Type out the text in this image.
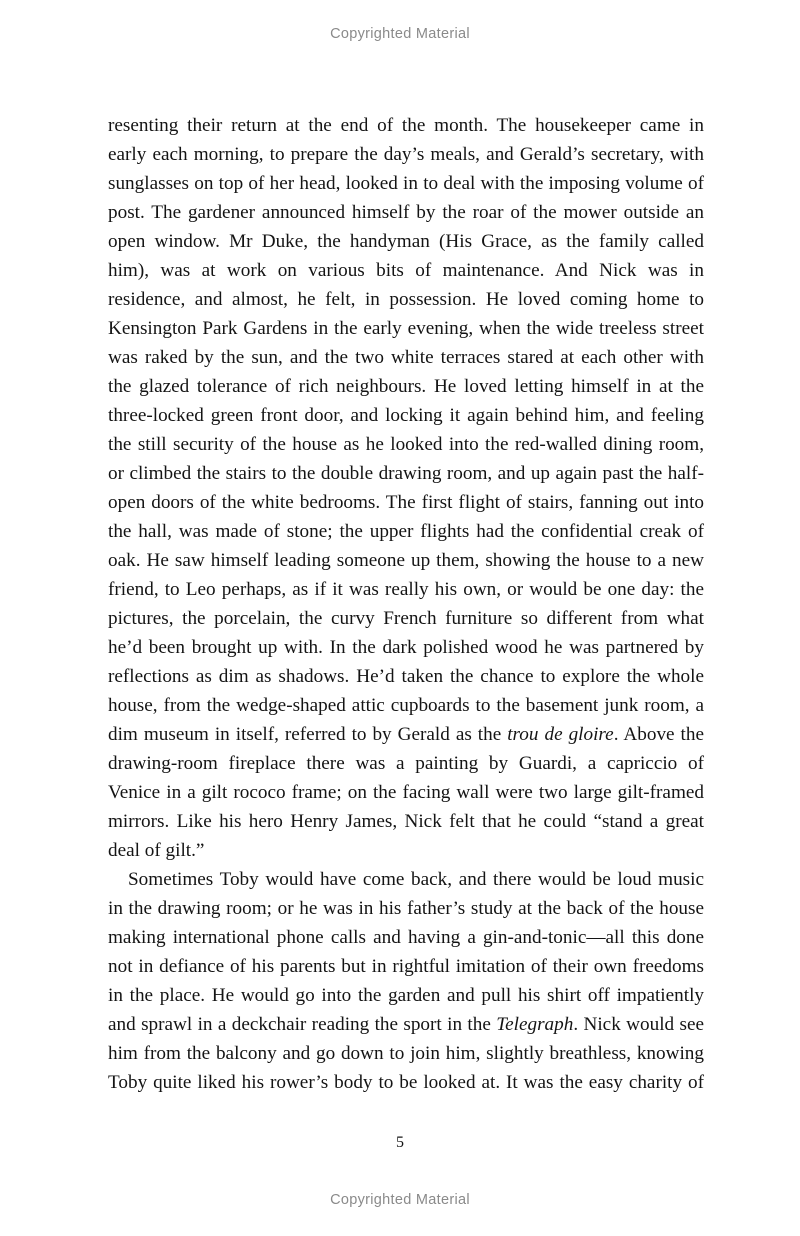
Copyrighted Material

resenting their return at the end of the month. The housekeeper came in
early each morning, to prepare the day’s meals, and Gerald’s secretary, with
sunglasses on top of her head, looked in to deal with the imposing volume of
post. The gardener announced himself by the roar of the mower outside an
open window. Mr Duke, the handyman (His Grace, as the family called
him), was at work on various bits of maintenance. And Nick was in
residence, and almost, he felt, in possession. He loved coming home to
Kensington Park Gardens in the early evening, when the wide treeless street
was raked by the sun, and the two white terraces stared at each other with
the glazed tolerance of rich neighbours. He loved letting himself in at the
three-locked green front door, and locking it again behind him, and feeling
the still security of the house as he looked into the red-walled dining room,
or climbed the stairs to the double drawing room, and up again past the half-
open doors of the white bedrooms. The first flight of stairs, fanning out into
the hall, was made of stone; the upper flights had the confidential creak of
oak. He saw himself leading someone up them, showing the house to a new
friend, to Leo perhaps, as if it was really his own, or would be one day: the
pictures, the porcelain, the curvy French furniture so different from what
he’d been brought up with. In the dark polished wood he was partnered by
reflections as dim as shadows. He’d taken the chance to explore the whole
house, from the wedge-shaped attic cupboards to the basement junk room, a
dim museum in itself, referred to by Gerald as the trou de gloire. Above the
drawing-room fireplace there was a painting by Guardi, a capriccio of
Venice in a gilt rococo frame; on the facing wall were two large gilt-framed
mirrors. Like his hero Henry James, Nick felt that he could “stand a great
deal of gilt.”

Sometimes Toby would have come back, and there would be loud music
in the drawing room; or he was in his father’s study at the back of the house
making international phone calls and having a gin-and-tonic—all this done
not in defiance of his parents but in rightful imitation of their own freedoms
in the place. He would go into the garden and pull his shirt off impatiently
and sprawl in a deckchair reading the sport in the Telegraph. Nick would see
him from the balcony and go down to join him, slightly breathless, knowing
Toby quite liked his rower’s body to be looked at. It was the easy charity of

5
Copyrighted Material
